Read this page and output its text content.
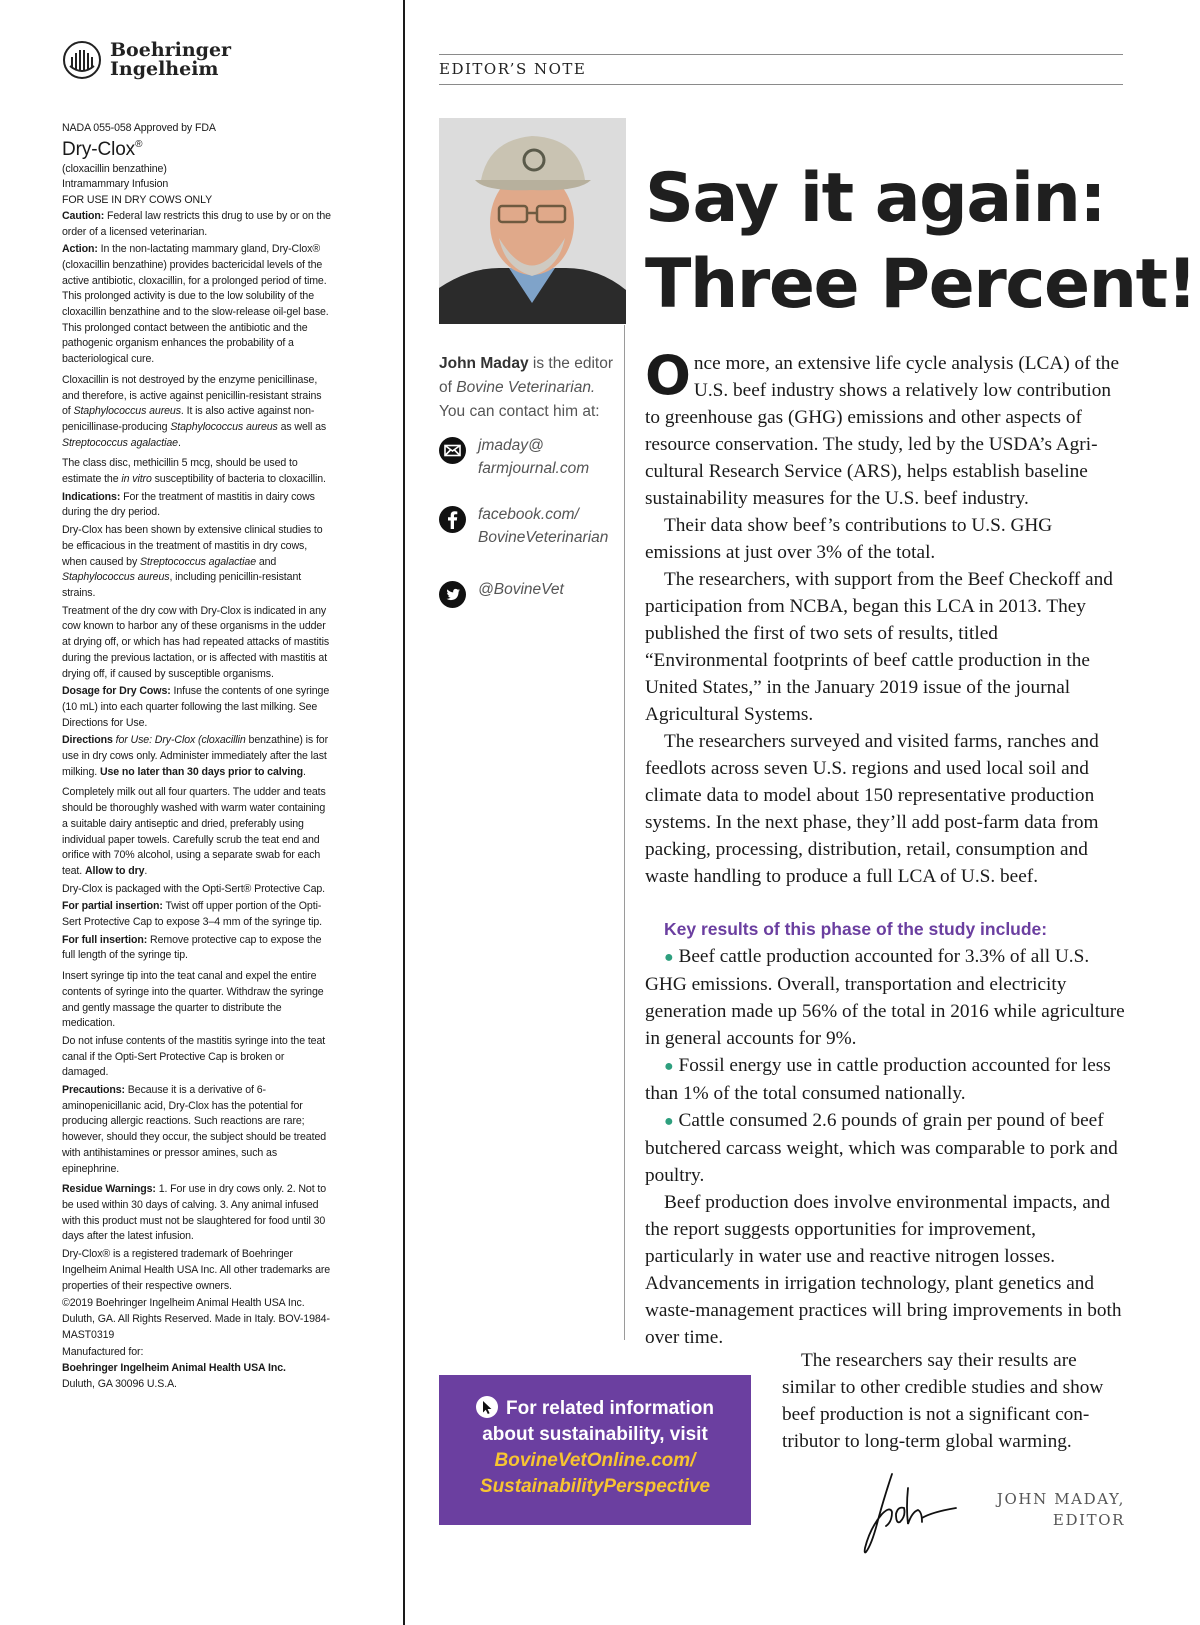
Boehringer
Ingelheim
NADA 055-058 Approved by FDA
Dry-Clox®
(cloxacillin benzathine)
Intramammary Infusion
FOR USE IN DRY COWS ONLY

Caution: Federal law restricts this drug to use by or on the order of a licensed veterinarian.

Action: In the non-lactating mammary gland, Dry-Clox® (cloxacillin benzathine) provides bactericidal levels of the active antibiotic, cloxacillin, for a prolonged period of time. This prolonged activity is due to the low solubility of the cloxacillin benzathine and to the slow-release oil-gel base. This prolonged contact between the antibiotic and the pathogenic organism enhances the probability of a bacteriological cure.

Cloxacillin is not destroyed by the enzyme penicillinase, and therefore, is active against penicillin-resistant strains of Staphylococcus aureus. It is also active against non-penicillinase-producing Staphylococcus aureus as well as Streptococcus agalactiae.

The class disc, methicillin 5 mcg, should be used to estimate the in vitro susceptibility of bacteria to cloxacillin.

Indications: For the treatment of mastitis in dairy cows during the dry period.

Dry-Clox has been shown by extensive clinical studies to be efficacious in the treatment of mastitis in dry cows, when caused by Streptococcus agalactiae and Staphylococcus aureus, including penicillin-resistant strains.

Treatment of the dry cow with Dry-Clox is indicated in any cow known to harbor any of these organisms in the udder at drying off, or which has had repeated attacks of mastitis during the previous lactation, or is affected with mastitis at drying off, if caused by susceptible organisms.

Dosage for Dry Cows: Infuse the contents of one syringe (10 mL) into each quarter following the last milking. See Directions for Use.

Directions for Use: Dry-Clox (cloxacillin benzathine) is for use in dry cows only. Administer immediately after the last milking. Use no later than 30 days prior to calving.

Completely milk out all four quarters. The udder and teats should be thoroughly washed with warm water containing a suitable dairy antiseptic and dried, preferably using individual paper towels. Carefully scrub the teat end and orifice with 70% alcohol, using a separate swab for each teat. Allow to dry.

Dry-Clox is packaged with the Opti-Sert® Protective Cap.

For partial insertion: Twist off upper portion of the Opti-Sert Protective Cap to expose 3–4 mm of the syringe tip.

For full insertion: Remove protective cap to expose the full length of the syringe tip.

Insert syringe tip into the teat canal and expel the entire contents of syringe into the quarter. Withdraw the syringe and gently massage the quarter to distribute the medication.

Do not infuse contents of the mastitis syringe into the teat canal if the Opti-Sert Protective Cap is broken or damaged.

Precautions: Because it is a derivative of 6-aminopenicillanic acid, Dry-Clox has the potential for producing allergic reactions. Such reactions are rare; however, should they occur, the subject should be treated with antihistamines or pressor amines, such as epinephrine.

Residue Warnings: 1. For use in dry cows only. 2. Not to be used within 30 days of calving. 3. Any animal infused with this product must not be slaughtered for food until 30 days after the latest infusion.

Dry-Clox® is a registered trademark of Boehringer Ingelheim Animal Health USA Inc. All other trademarks are properties of their respective owners.

©2019 Boehringer Ingelheim Animal Health USA Inc. Duluth, GA. All Rights Reserved. Made in Italy. BOV-1984-MAST0319

Manufactured for:
Boehringer Ingelheim Animal Health USA Inc.
Duluth, GA 30096 U.S.A.
EDITOR’S NOTE
Say it again:
Three Percent!
John Maday is the editor of Bovine Veterinarian. You can contact him at:
jmaday@
farmjournal.com
facebook.com/
BovineVeterinarian
@BovineVet

Once more, an extensive life cycle analysis (LCA) of the U.S. beef industry shows a relatively low contribution to greenhouse gas (GHG) emissions and other aspects of resource conservation. The study, led by the USDA’s Agricultural Research Service (ARS), helps establish baseline sustainability measures for the U.S. beef industry.

Their data show beef’s contributions to U.S. GHG emissions at just over 3% of the total.

The researchers, with support from the Beef Checkoff and participation from NCBA, began this LCA in 2013. They published the first of two sets of results, titled “Environmental footprints of beef cattle production in the United States,” in the January 2019 issue of the journal Agricultural Systems.

The researchers surveyed and visited farms, ranches and feedlots across seven U.S. regions and used local soil and climate data to model about 150 representative production systems. In the next phase, they’ll add post-farm data from packing, processing, distribution, retail, consumption and waste handling to produce a full LCA of U.S. beef.

Key results of this phase of the study include:

● Beef cattle production accounted for 3.3% of all U.S. GHG emissions. Overall, transportation and electricity generation made up 56% of the total in 2016 while agriculture in general accounts for 9%.

● Fossil energy use in cattle production accounted for less than 1% of the total consumed nationally.

● Cattle consumed 2.6 pounds of grain per pound of beef butchered carcass weight, which was comparable to pork and poultry.

Beef production does involve environmental impacts, and the report suggests opportunities for improvement, particularly in water use and reactive nitrogen losses. Advancements in irrigation technology, plant genetics and waste-management practices will bring improvements in both over time.

The researchers say their results are similar to other credible studies and show beef production is not a significant contributor to long-term global warming.
For related information
about sustainability, visit
BovineVetOnline.com/
SustainabilityPerspective
JOHN MADAY,
EDITOR
